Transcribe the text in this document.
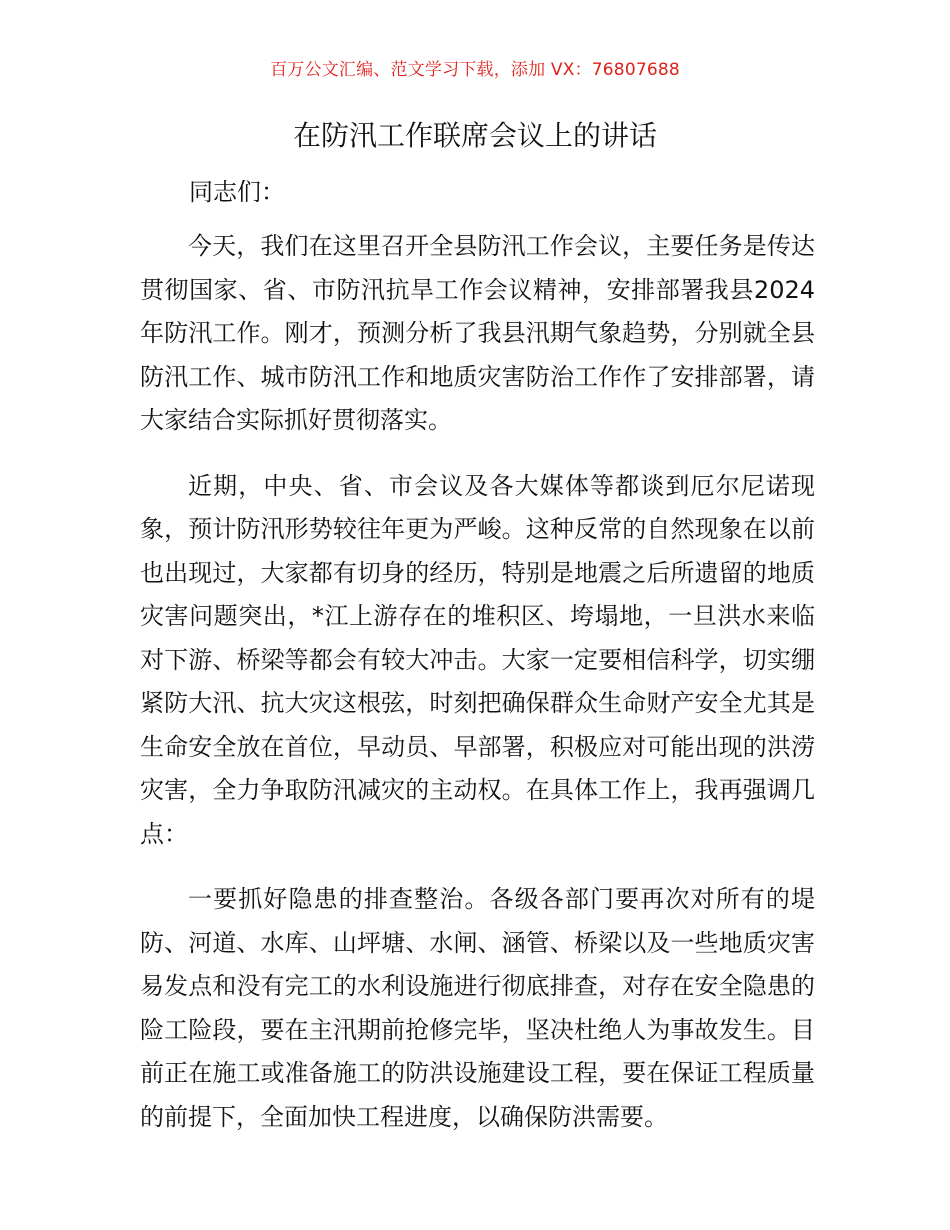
百万公文汇编、范文学习下载，添加 VX：76807688
在防汛工作联席会议上的讲话
同志们：

今天，我们在这里召开全县防汛工作会议，主要任务是传达贯彻国家、省、市防汛抗旱工作会议精神，安排部署我县2024 年防汛工作。刚才，预测分析了我县汛期气象趋势，分别就全县防汛工作、城市防汛工作和地质灾害防治工作作了安排部署，请大家结合实际抓好贯彻落实。

近期，中央、省、市会议及各大媒体等都谈到厄尔尼诺现象，预计防汛形势较往年更为严峻。这种反常的自然现象在以前也出现过，大家都有切身的经历，特别是地震之后所遗留的地质灾害问题突出，*江上游存在的堆积区、垮塌地，一旦洪水来临对下游、桥梁等都会有较大冲击。大家一定要相信科学，切实绷紧防大汛、抗大灾这根弦，时刻把确保群众生命财产安全尤其是生命安全放在首位，早动员、早部署，积极应对可能出现的洪涝灾害，全力争取防汛减灾的主动权。在具体工作上，我再强调几点：

一要抓好隐患的排查整治。各级各部门要再次对所有的堤防、河道、水库、山坪塘、水闸、涵管、桥梁以及一些地质灾害易发点和没有完工的水利设施进行彻底排查，对存在安全隐患的险工险段，要在主汛期前抢修完毕，坚决杜绝人为事故发生。目前正在施工或准备施工的防洪设施建设工程，要在保证工程质量的前提下，全面加快工程进度，以确保防洪需要。
